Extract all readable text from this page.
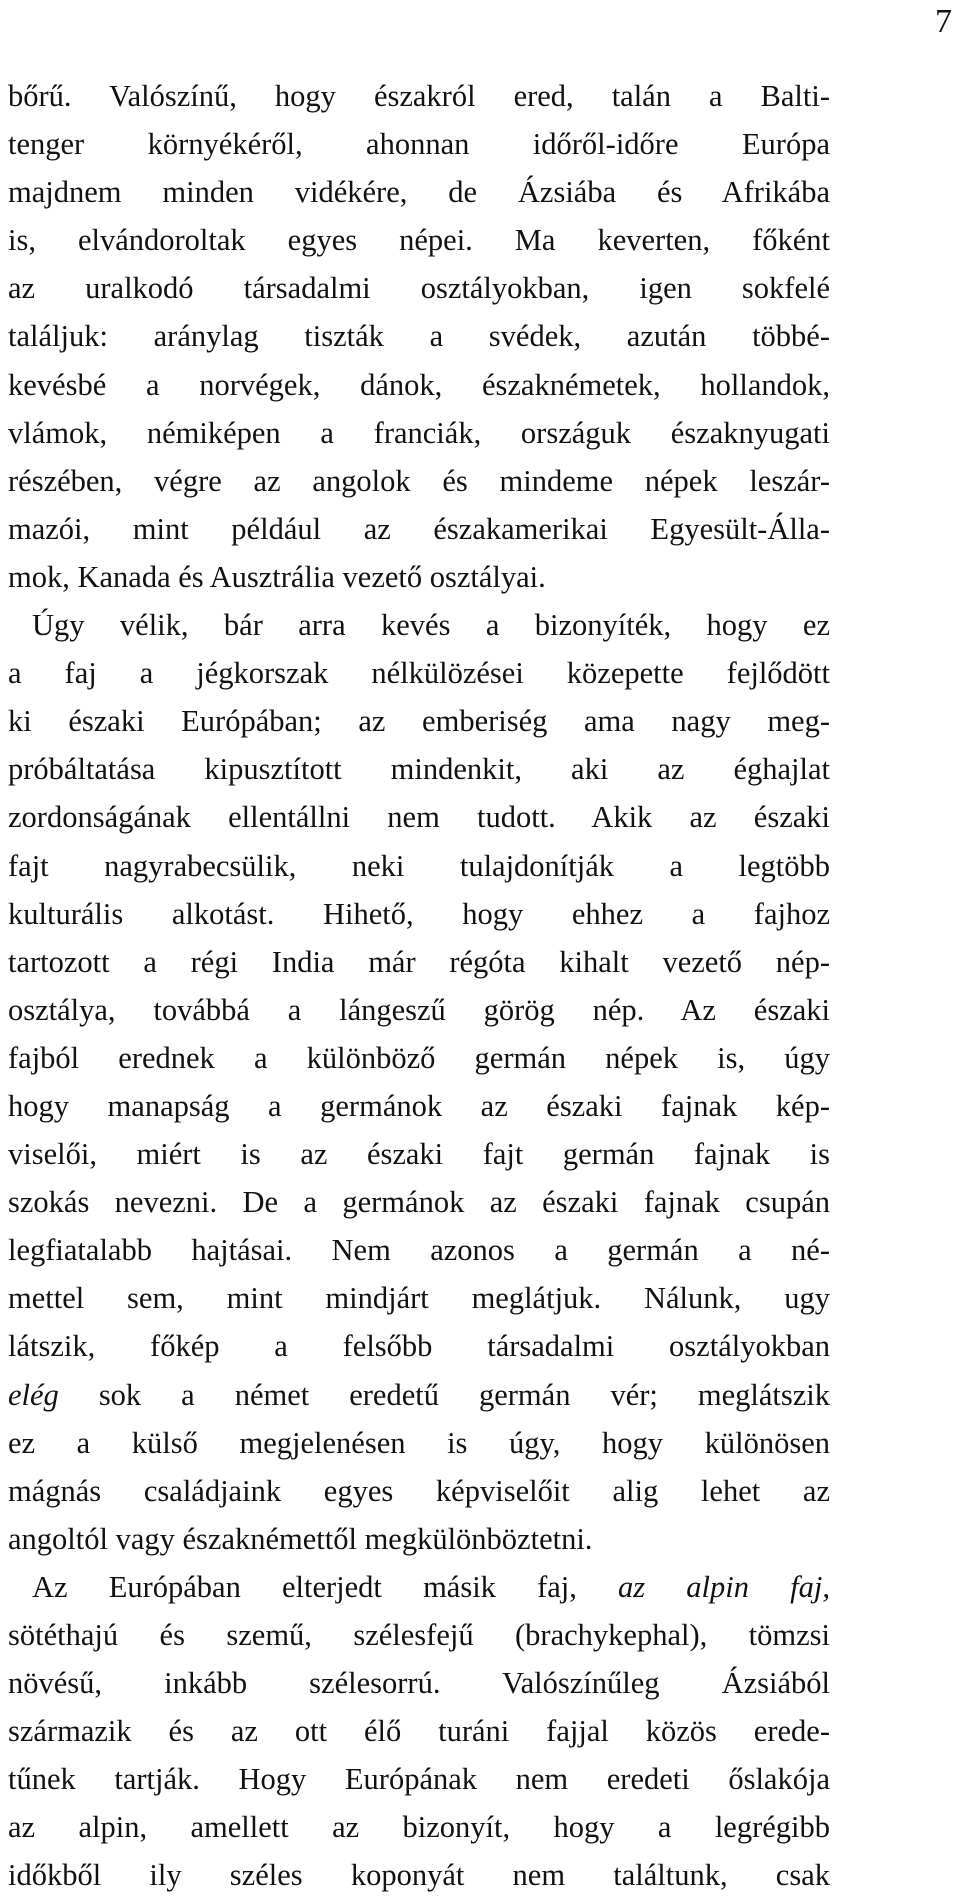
7
bőrű. Valószínű, hogy északról ered, talán a Balti-
tenger környékéről, ahonnan időről-időre Európa
majdnem minden vidékére, de Ázsiába és Afrikába
is, elvándoroltak egyes népei. Ma keverten, főként
az uralkodó társadalmi osztályokban, igen sokfelé
találjuk: aránylag tiszták a svédek, azután többé-
kevésbé a norvégek, dánok, északnémetek, hollandok,
vlámok, némiképen a franciák, országuk északnyugati
részében, végre az angolok és mindeme népek leszár-
mazói, mint például az északamerikai Egyesült-Álla-
mok, Kanada és Ausztrália vezető osztályai.
Úgy vélik, bár arra kevés a bizonyíték, hogy ez
a faj a jégkorszak nélkülözései közepette fejlődött
ki északi Európában; az emberiség ama nagy meg-
próbáltatása kipusztított mindenkit, aki az éghajlat
zordonságának ellentállni nem tudott. Akik az északi
fajt nagyrabecsülik, neki tulajdonítják a legtöbb
kulturális alkotást. Hihető, hogy ehhez a fajhoz
tartozott a régi India már régóta kihalt vezető nép-
osztálya, továbbá a lángeszű görög nép. Az északi
fajból erednek a különböző germán népek is, úgy
hogy manapság a germánok az északi fajnak kép-
viselői, miért is az északi fajt germán fajnak is
szokás nevezni. De a germánok az északi fajnak csupán
legfiatalabb hajtásai. Nem azonos a germán a né-
mettel sem, mint mindjárt meglátjuk. Nálunk, ugy
látszik, főkép a felsőbb társadalmi osztályokban
elég sok a német eredetű germán vér; meglátszik
ez a külső megjelenésen is úgy, hogy különösen
mágnás családjaink egyes képviselőit alig lehet az
angoltól vagy északnémettől megkülönböztetni.
Az Európában elterjedt másik faj, az alpin faj,
sötéthajú és szemű, szélesfejű (brachykephal), tömzsi
növésű, inkább szélesorrú. Valószínűleg Ázsiából
származik és az ott élő turáni fajjal közös erede-
tűnek tartják. Hogy Európának nem eredeti őslakója
az alpin, amellett az bizonyít, hogy a legrégibb
időkből ily széles koponyát nem találtunk, csak
